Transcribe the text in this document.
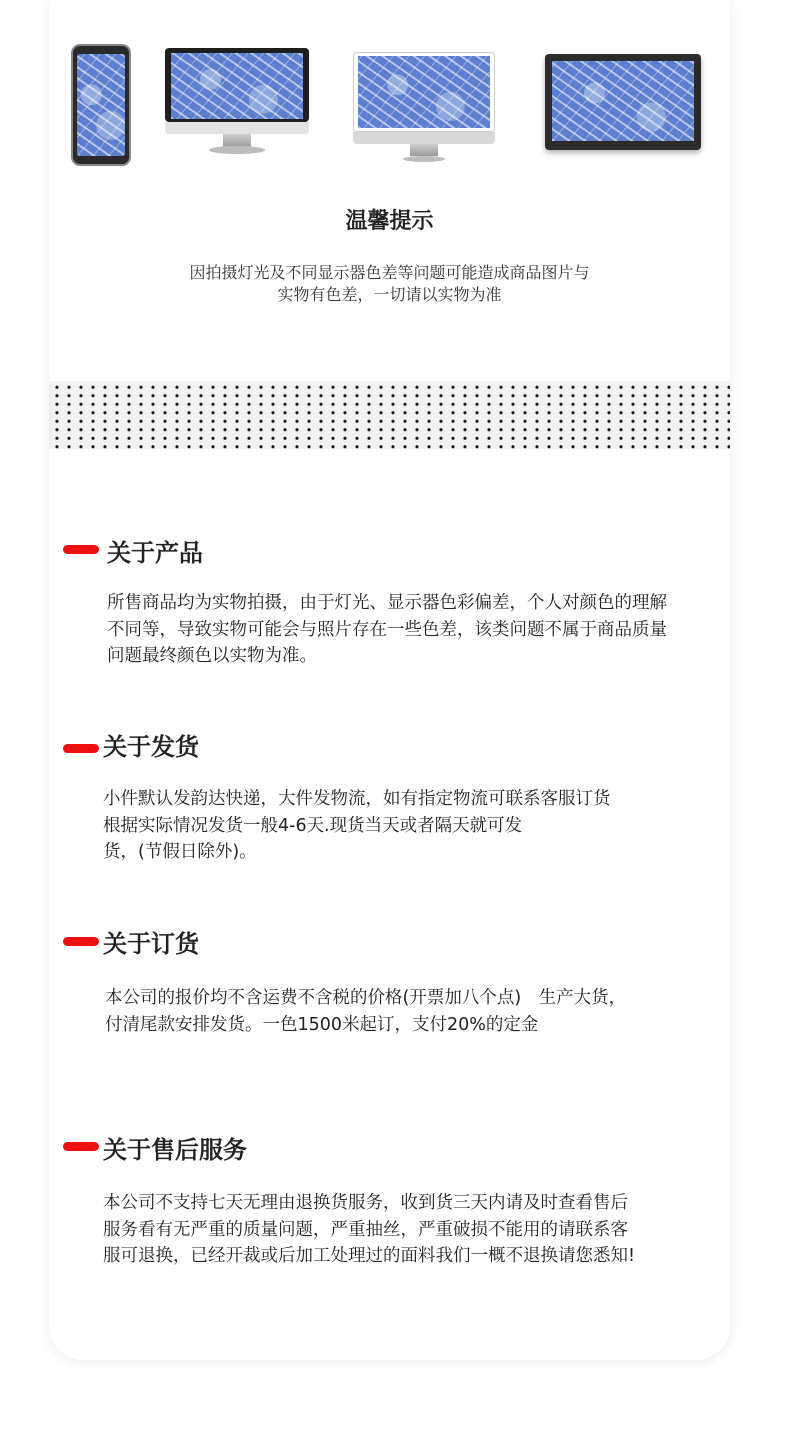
温馨提示

因拍摄灯光及不同显示器色差等问题可能造成商品图片与
实物有色差，一切请以实物为准

关于产品

所售商品均为实物拍摄，由于灯光、显示器色彩偏差，个人对颜色的理解
不同等，导致实物可能会与照片存在一些色差，该类问题不属于商品质量
问题最终颜色以实物为准。

关于发货

小件默认发韵达快递，大件发物流，如有指定物流可联系客服订货
根据实际情况发货一般4-6天.现货当天或者隔天就可发
货，(节假日除外)。

关于订货

本公司的报价均不含运费不含税的价格(开票加八个点)　生产大货，
付清尾款安排发货。一色1500米起订，支付20%的定金

关于售后服务

本公司不支持七天无理由退换货服务，收到货三天内请及时查看售后
服务看有无严重的质量问题，严重抽丝，严重破损不能用的请联系客
服可退换，已经开裁或后加工处理过的面料我们一概不退换请您悉知!
